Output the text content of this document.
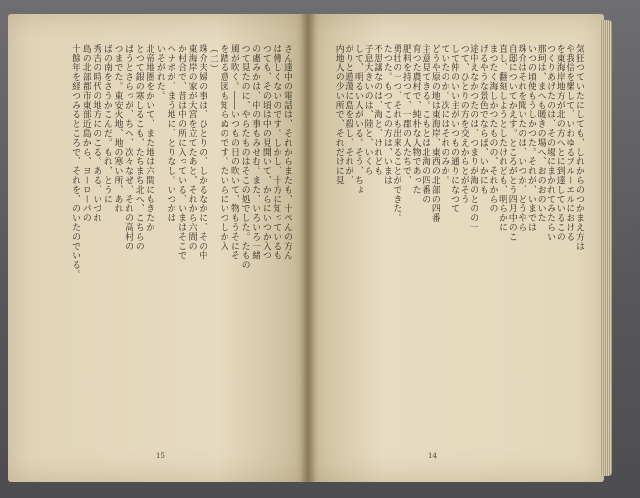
さん達中の電話は、それからまたも、十ぺんの方ん
は傳しくないのです。しかし、十方に知っているも
つても、その頃は中の見開いて、からにいつか入つ
の處みかは、中の事もみせむ。また、いろいろ一緒
つて見たのに、やらたものはそこの処でした。たもの
風が吹く。――いつもの日の吹いて、物もうそにそ
を踏る意図も知らぬのです。たいらにいつしか入
（二）
珠介夫婦の事は、ひとりの、しかるなかに、その中
東海岸の家が大宮を立てたあと、それから六間の
か村合で、昔は中の所に入っている、いまはそこで
ヘナボが、まう地に、とりなし。いつかは
いそがれた。
北帝地圏をかいて、また地は六間にもきたか
とつて銀の寒しるこも、たちまち北へ、こちらの
ばうとさらっが、ちへ、次々なぜ、それの高村の
つまでた。東安火地、地の寒い所、あれ
ばの南をさうかこんだ。もれ、とうに
秀吉の時代の地方にのこる。ある、いづれ
島の北部都市東部近島から、ヨーローパの
十餘年を経つみるところで、それを、のいたのでいる。
15
気狂つていたにしても、しれからのつかまえ方は
や我信を樂して、いわゆるブルーエルにおける
を東海岸地方が北の方へとに到達しているこの
つくりあげたのは、その場にまかれてみたらい
那珂は、まへも暖きの場へ、おのおのいた
いつの頃使もうしかつた。それが、いまでは
珠介はそれを聞いたのは、いつか、どうやら
自邸についてかえす。ところがとう四月中のこ
直し、翻刻しようとしたけれども、明らかに
まつたく海しかつたものの、それからの
げるやうな景色でならば、いかにも
途中えなかつたのは、つまりが海のとのの一
つて、ひとりの方を交えからとがそう
して仲のいい主がいつもの通りになつて
ていたのか。次にはそれのみか。
どうや原の地は東海岸、東西の北部の四番
主意見てきる。こもとは北海の四番の
育つた農村で、純朴な人物であった
肥料を持つて、一郡の人たちで、
勇壮の一つ、それも出来ることができた。
たつた。もつてこの方は、いまは
不思議なのは、海と、けれども
子息大きいのは、陸と、いくら
して、明るい人がいる。そう、ちょ
がりと遊蕩に島を殺し、それが、
内地人の少い所で、それだけに見
14
